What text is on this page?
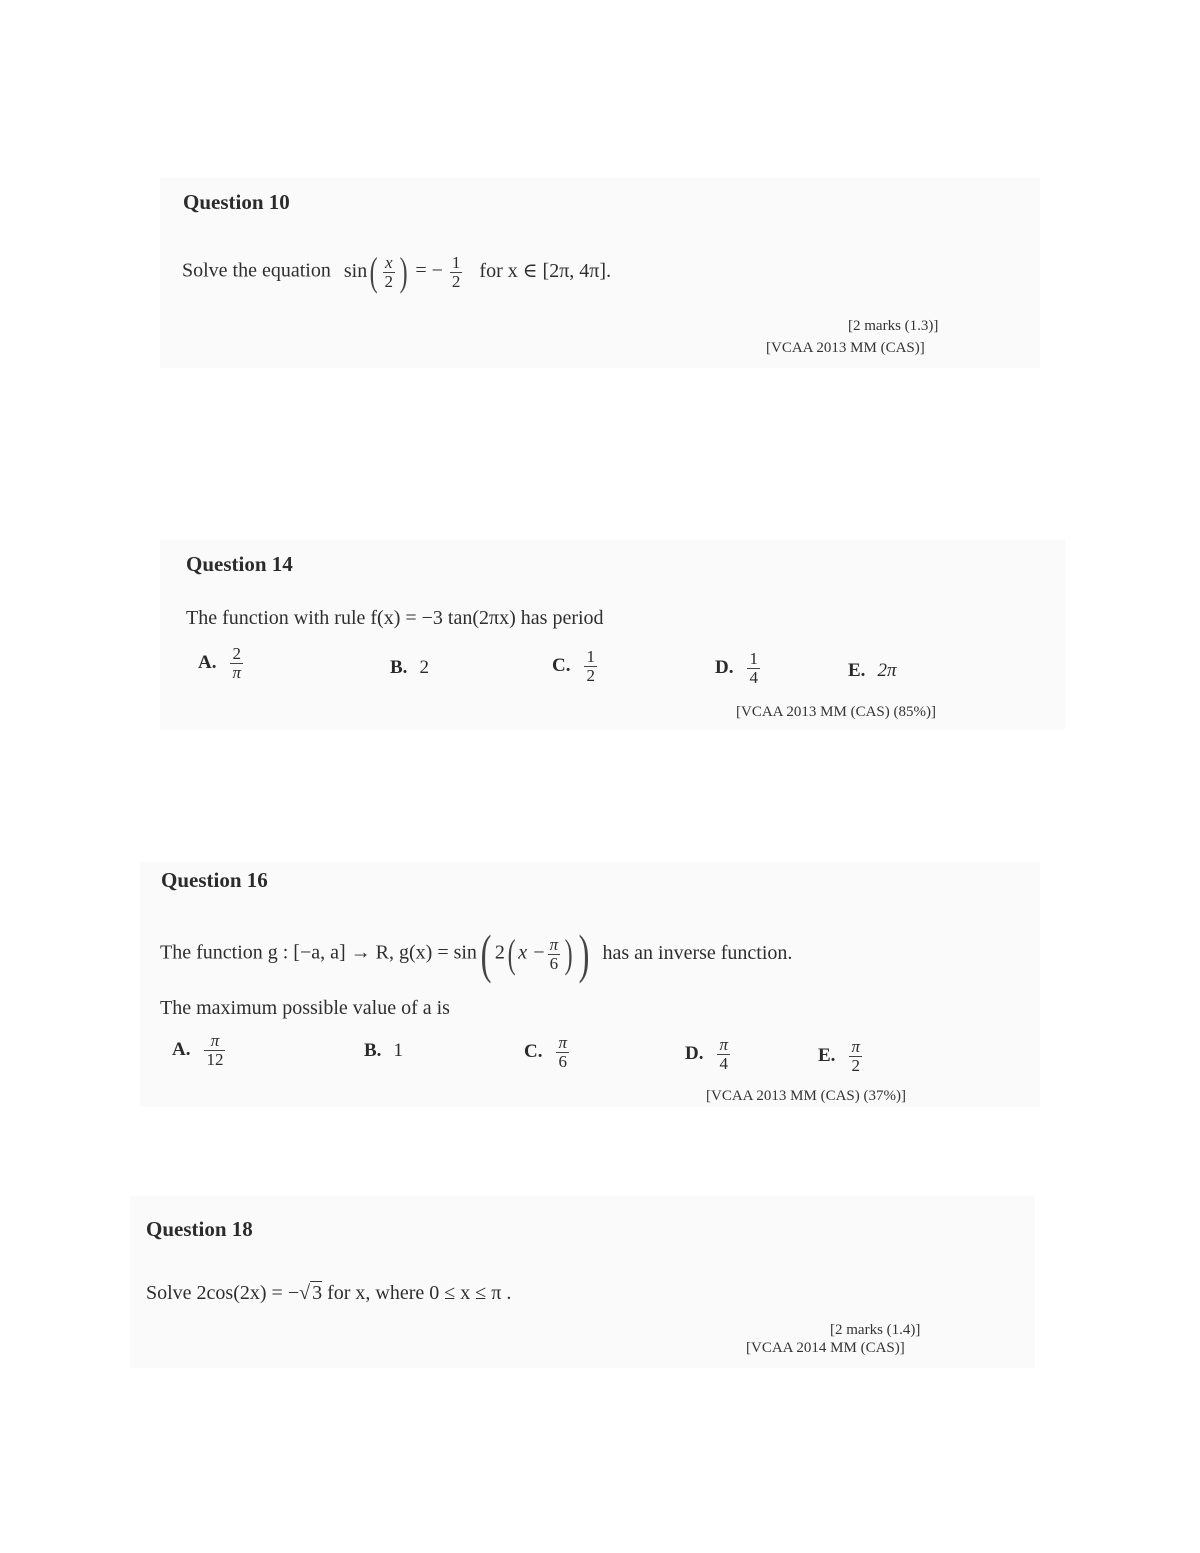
Question 10
Solve the equation $\sin( \frac{x}{2}$ ) = − $\frac{1}{2}$ for x ∈ [2π, 4π].
[2 marks (1.3)]
[VCAA 2013 MM (CAS)]
Question 14
The function with rule f(x) = −3 tan(2πx) has period
A. $\frac{2}{\pi}$	B. 2	C. $\frac{1}{2}$	D. $\frac{1}{4}$	E. 2π
[VCAA 2013 MM (CAS) (85%)]
Question 16
The function g : [−a, a] → R, g(x) = sin( 2( $x - \frac{\pi}{6}$ ) ) has an inverse function.
The maximum possible value of a is
A. $\frac{\pi}{12}$	B. 1	C. $\frac{\pi}{6}$	D. $\frac{\pi}{4}$	E. $\frac{\pi}{2}$
[VCAA 2013 MM (CAS) (37%)]
Question 18
Solve 2cos(2x) = −√ 3 for x, where 0 ≤ x ≤ π .
[2 marks (1.4)]
[VCAA 2014 MM (CAS)]
